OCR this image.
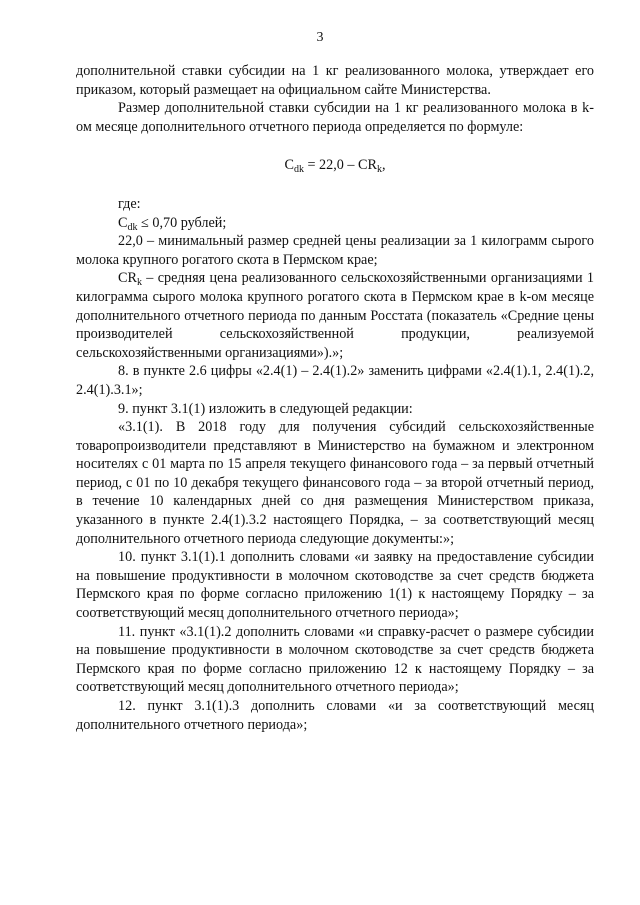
3

дополнительной ставки субсидии на 1 кг реализованного молока, утверждает его приказом, который размещает на официальном сайте Министерства.

Размер дополнительной ставки субсидии на 1 кг реализованного молока в k-ом месяце дополнительного отчетного периода определяется по формуле:

$C_{dk} = 22,0 - CR_k$,

где:

$C_{dk} \le 0,70$ рублей;

22,0 – минимальный размер средней цены реализации за 1 килограмм сырого молока крупного рогатого скота в Пермском крае;

$CR_k$ – средняя цена реализованного сельскохозяйственными организациями 1 килограмма сырого молока крупного рогатого скота в Пермском крае в k-ом месяце дополнительного отчетного периода по данным Росстата (показатель «Средние цены производителей сельскохозяйственной продукции, реализуемой сельскохозяйственными организациями»).»;

8. в пункте 2.6 цифры «2.4(1) – 2.4(1).2» заменить цифрами «2.4(1).1, 2.4(1).2, 2.4(1).3.1»;

9. пункт 3.1(1) изложить в следующей редакции:

«3.1(1). В 2018 году для получения субсидий сельскохозяйственные товаропроизводители представляют в Министерство на бумажном и электронном носителях с 01 марта по 15 апреля текущего финансового года – за первый отчетный период, с 01 по 10 декабря текущего финансового года – за второй отчетный период, в течение 10 календарных дней со дня размещения Министерством приказа, указанного в пункте 2.4(1).3.2 настоящего Порядка, – за соответствующий месяц дополнительного отчетного периода следующие документы:»;

10. пункт 3.1(1).1 дополнить словами «и заявку на предоставление субсидии на повышение продуктивности в молочном скотоводстве за счет средств бюджета Пермского края по форме согласно приложению 1(1) к настоящему Порядку – за соответствующий месяц дополнительного отчетного периода»;

11. пункт «3.1(1).2 дополнить словами «и справку-расчет о размере субсидии на повышение продуктивности в молочном скотоводстве за счет средств бюджета Пермского края по форме согласно приложению 12 к настоящему Порядку – за соответствующий месяц дополнительного отчетного периода»;

12. пункт 3.1(1).3 дополнить словами «и за соответствующий месяц дополнительного отчетного периода»;
